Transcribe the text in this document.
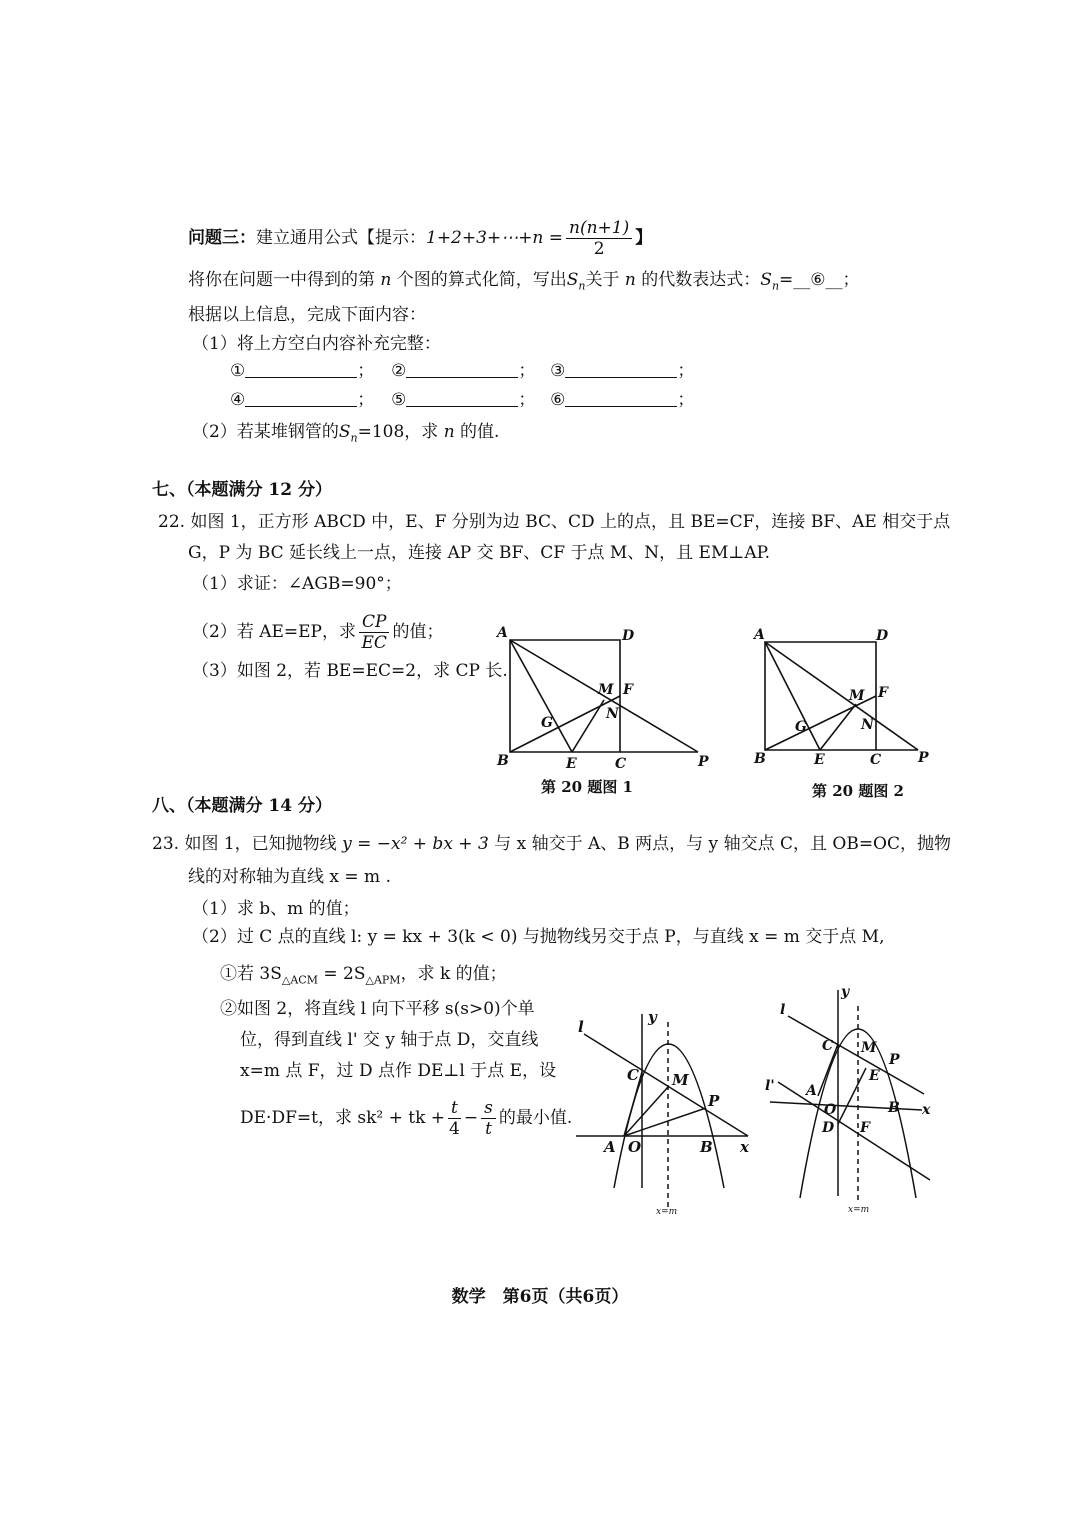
问题三：建立通用公式【提示：1+2+3+⋯+n = $\frac{n(n+1)}{2}$ 】
将你在问题一中得到的第 n 个图的算式化简，写出$S_n$关于 n 的代数表达式：$S_n=\_\_⑥\_\_$；
根据以上信息，完成下面内容：
（1）将上方空白内容补充完整：
①	； ②	； ③	；
④	； ⑤	； ⑥	；
（2）若某堆钢管的$S_n=108$，求 n 的值.
七、（本题满分 12 分）
22. 如图 1，正方形 ABCD 中，E、F 分别为边 BC、CD 上的点，且 BE=CF，连接 BF、AE 相交于点
G，P 为 BC 延长线上一点，连接 AP 交 BF、CF 于点 M、N，且 EM⊥AP.
（1）求证：∠AGB=90°；
（2）若 AE=EP，求 $\frac{CP}{EC}$ 的值；
（3）如图 2，若 BE=EC=2，求 CP 长.
A	D
B	E	C	P
M F
N
G
第 20 题图 1
A	D
B	E	C	P
M F
N
G
第 20 题图 2
八、（本题满分 14 分）
23. 如图 1，已知抛物线 y = −x² + bx + 3 与 x 轴交于 A、B 两点，与 y 轴交点 C，且 OB=OC，抛物
线的对称轴为直线 x = m .
（1）求 b、m 的值；
（2）过 C 点的直线 l: y = kx + 3(k < 0) 与抛物线另交于点 P，与直线 x = m 交于点 M,
①若 $3S_{\triangle ACM} = 2S_{\triangle APM}$，求 k 的值；
②如图 2，将直线 l 向下平移 s(s>0)个单
位，得到直线 l' 交 y 轴于点 D，交直线
x=m 点 F，过 D 点作 DE⊥l 于点 E，设
DE·DF=t，求 sk² + tk + $\frac{t}{4} - \frac{s}{t}$ 的最小值.
l
y
C M
P
A O	B x
x=m
l
y
C M
P
E
l' A
O	B x
D F
x=m
数学　第6页（共6页）
